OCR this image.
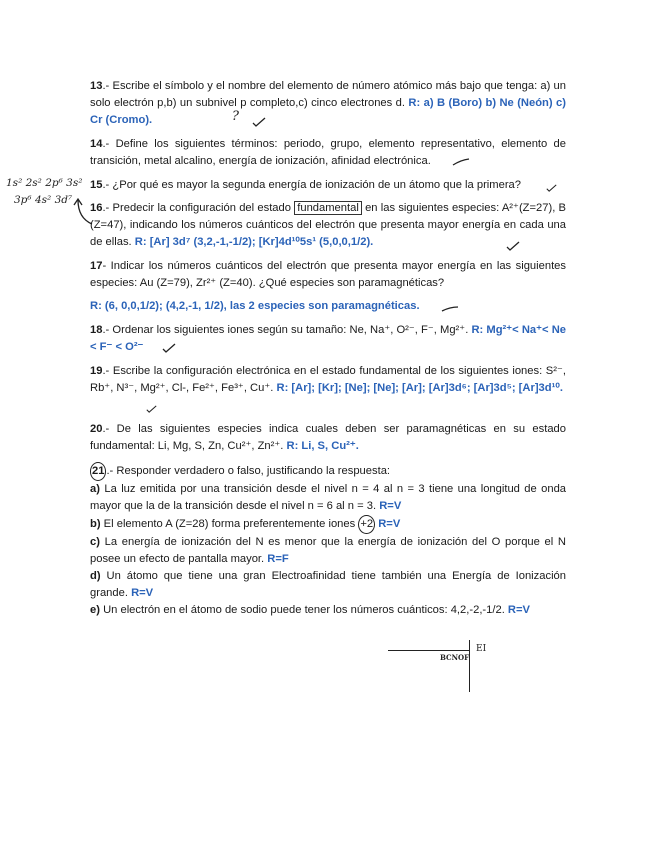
13.- Escribe el símbolo y el nombre del elemento de número atómico más bajo que tenga: a) un solo electrón p,b) un subnivel p completo,c) cinco electrones d. R: a) B (Boro) b) Ne (Neón) c) Cr (Cromo).	?

14.- Define los siguientes términos: periodo, grupo, elemento representativo, elemento de transición, metal alcalino, energía de ionización, afinidad electrónica.

1s² 2s² 2p⁶ 3s²
3p⁶ 4s² 3d⁷

15.- ¿Por qué es mayor la segunda energía de ionización de un átomo que la primera?

16.- Predecir la configuración del estado fundamental en las siguientes especies: A²⁺(Z=27), B (Z=47), indicando los números cuánticos del electrón que presenta mayor energía en cada una de ellas. R: [Ar] 3d⁷ (3,2,-1,-1/2); [Kr]4d¹⁰5s¹ (5,0,0,1/2).

17- Indicar los números cuánticos del electrón que presenta mayor energía en las siguientes especies: Au (Z=79), Zr²⁺ (Z=40). ¿Qué especies son paramagnéticas?

R: (6, 0,0,1/2); (4,2,-1, 1/2), las 2 especies son paramagnéticas.

18.- Ordenar los siguientes iones según su tamaño: Ne, Na⁺, O²⁻, F⁻, Mg²⁺. R: Mg²⁺< Na⁺< Ne < F⁻ < O²⁻

19.- Escribe la configuración electrónica en el estado fundamental de los siguientes iones: S²⁻, Rb⁺, N³⁻, Mg²⁺, Cl-, Fe²⁺, Fe³⁺, Cu⁺. R: [Ar]; [Kr]; [Ne]; [Ne]; [Ar]; [Ar]3d⁶; [Ar]3d⁵; [Ar]3d¹⁰.

20.- De las siguientes especies indica cuales deben ser paramagnéticas en su estado fundamental: Li, Mg, S, Zn, Cu²⁺, Zn²⁺. R: Li, S, Cu²⁺.

21 .- Responder verdadero o falso, justificando la respuesta:

a) La luz emitida por una transición desde el nivel n = 4 al n = 3 tiene una longitud de onda mayor que la de la transición desde el nivel n = 6 al n = 3. R=V

b) El elemento A (Z=28) forma preferentemente iones +2 R=V

c) La energía de ionización del N es menor que la energía de ionización del O porque el N posee un efecto de pantalla mayor. R=F

d) Un átomo que tiene una gran Electroafinidad tiene también una Energía de Ionización grande. R=V

e) Un electrón en el átomo de sodio puede tener los números cuánticos: 4,2,-2,-1/2. R=V

BCNOF
EI
